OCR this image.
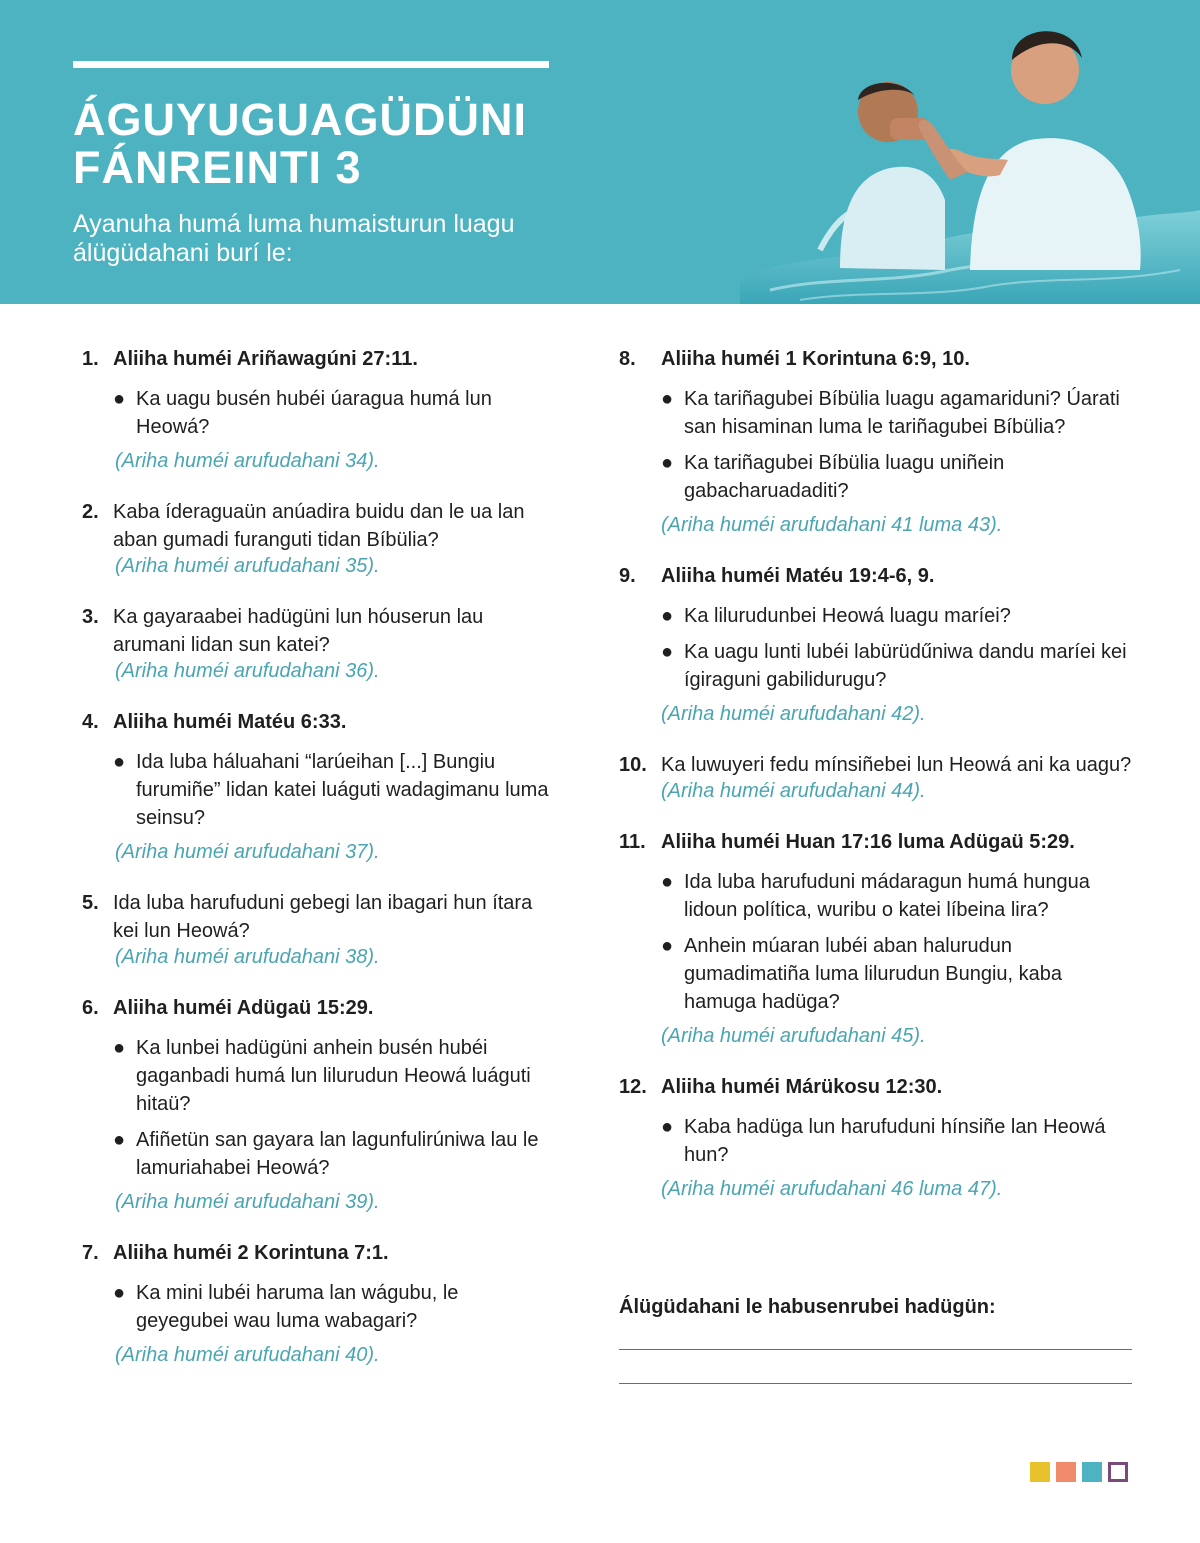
ÁGUYUGUAGÜDÜNI
FÁNREINTI 3

Ayanuha humá luma humaisturun luagu álügüdahani burí le:

1. Aliiha huméi Ariñawagúni 27:11.
● Ka uagu busén hubéi úaragua humá lun Heowá?
(Ariha huméi arufudahani 34).
2. Kaba íderaguaün anúadira buidu dan le ua lan aban gumadi furanguti tidan Bíbülia?
(Ariha huméi arufudahani 35).
3. Ka gayaraabei hadügüni lun hóuserun lau arumani lidan sun katei?
(Ariha huméi arufudahani 36).
4. Aliiha huméi Matéu 6:33.
● Ida luba háluahani “larúeihan [...] Bungiu furumiñe” lidan katei luáguti wadagimanu luma seinsu?
(Ariha huméi arufudahani 37).
5. Ida luba harufuduni gebegi lan ibagari hun ítara kei lun Heowá?
(Ariha huméi arufudahani 38).
6. Aliiha huméi Adügaü 15:29.
● Ka lunbei hadügüni anhein busén hubéi gaganbadi humá lun lilurudun Heowá luáguti hitaü?
● Afiñetün san gayara lan lagunfulirúniwa lau le lamuriahabei Heowá?
(Ariha huméi arufudahani 39).
7. Aliiha huméi 2 Korintuna 7:1.
● Ka mini lubéi haruma lan wágubu, le geyegubei wau luma wabagari?
(Ariha huméi arufudahani 40).
8.	Aliiha huméi 1 Korintuna 6:9, 10.
● Ka tariñagubei Bíbülia luagu agamariduni? Úarati san hisaminan luma le tariñagubei Bíbülia?
● Ka tariñagubei Bíbülia luagu uniñein gabacharuadaditi?
(Ariha huméi arufudahani 41 luma 43).
9.	Aliiha huméi Matéu 19:4-6, 9.
● Ka lilurudunbei Heowá luagu maríei?
● Ka uagu lunti lubéi labürüdűniwa dandu maríei kei ígiraguni gabilidurugu?
(Ariha huméi arufudahani 42).
10. Ka luwuyeri fedu mínsiñebei lun Heowá ani ka uagu?
(Ariha huméi arufudahani 44).
11. Aliiha huméi Huan 17:16 luma Adügaü 5:29.
● Ida luba harufuduni mádaragun humá hungua lidoun política, wuribu o katei líbeina lira?
● Anhein múaran lubéi aban halurudun gumadimatiña luma lilurudun Bungiu, kaba hamuga hadüga?
(Ariha huméi arufudahani 45).
12. Aliiha huméi Márükosu 12:30.
● Kaba hadüga lun harufuduni hínsiñe lan Heowá hun?
(Ariha huméi arufudahani 46 luma 47).
Álügüdahani le habusenrubei hadügün:
